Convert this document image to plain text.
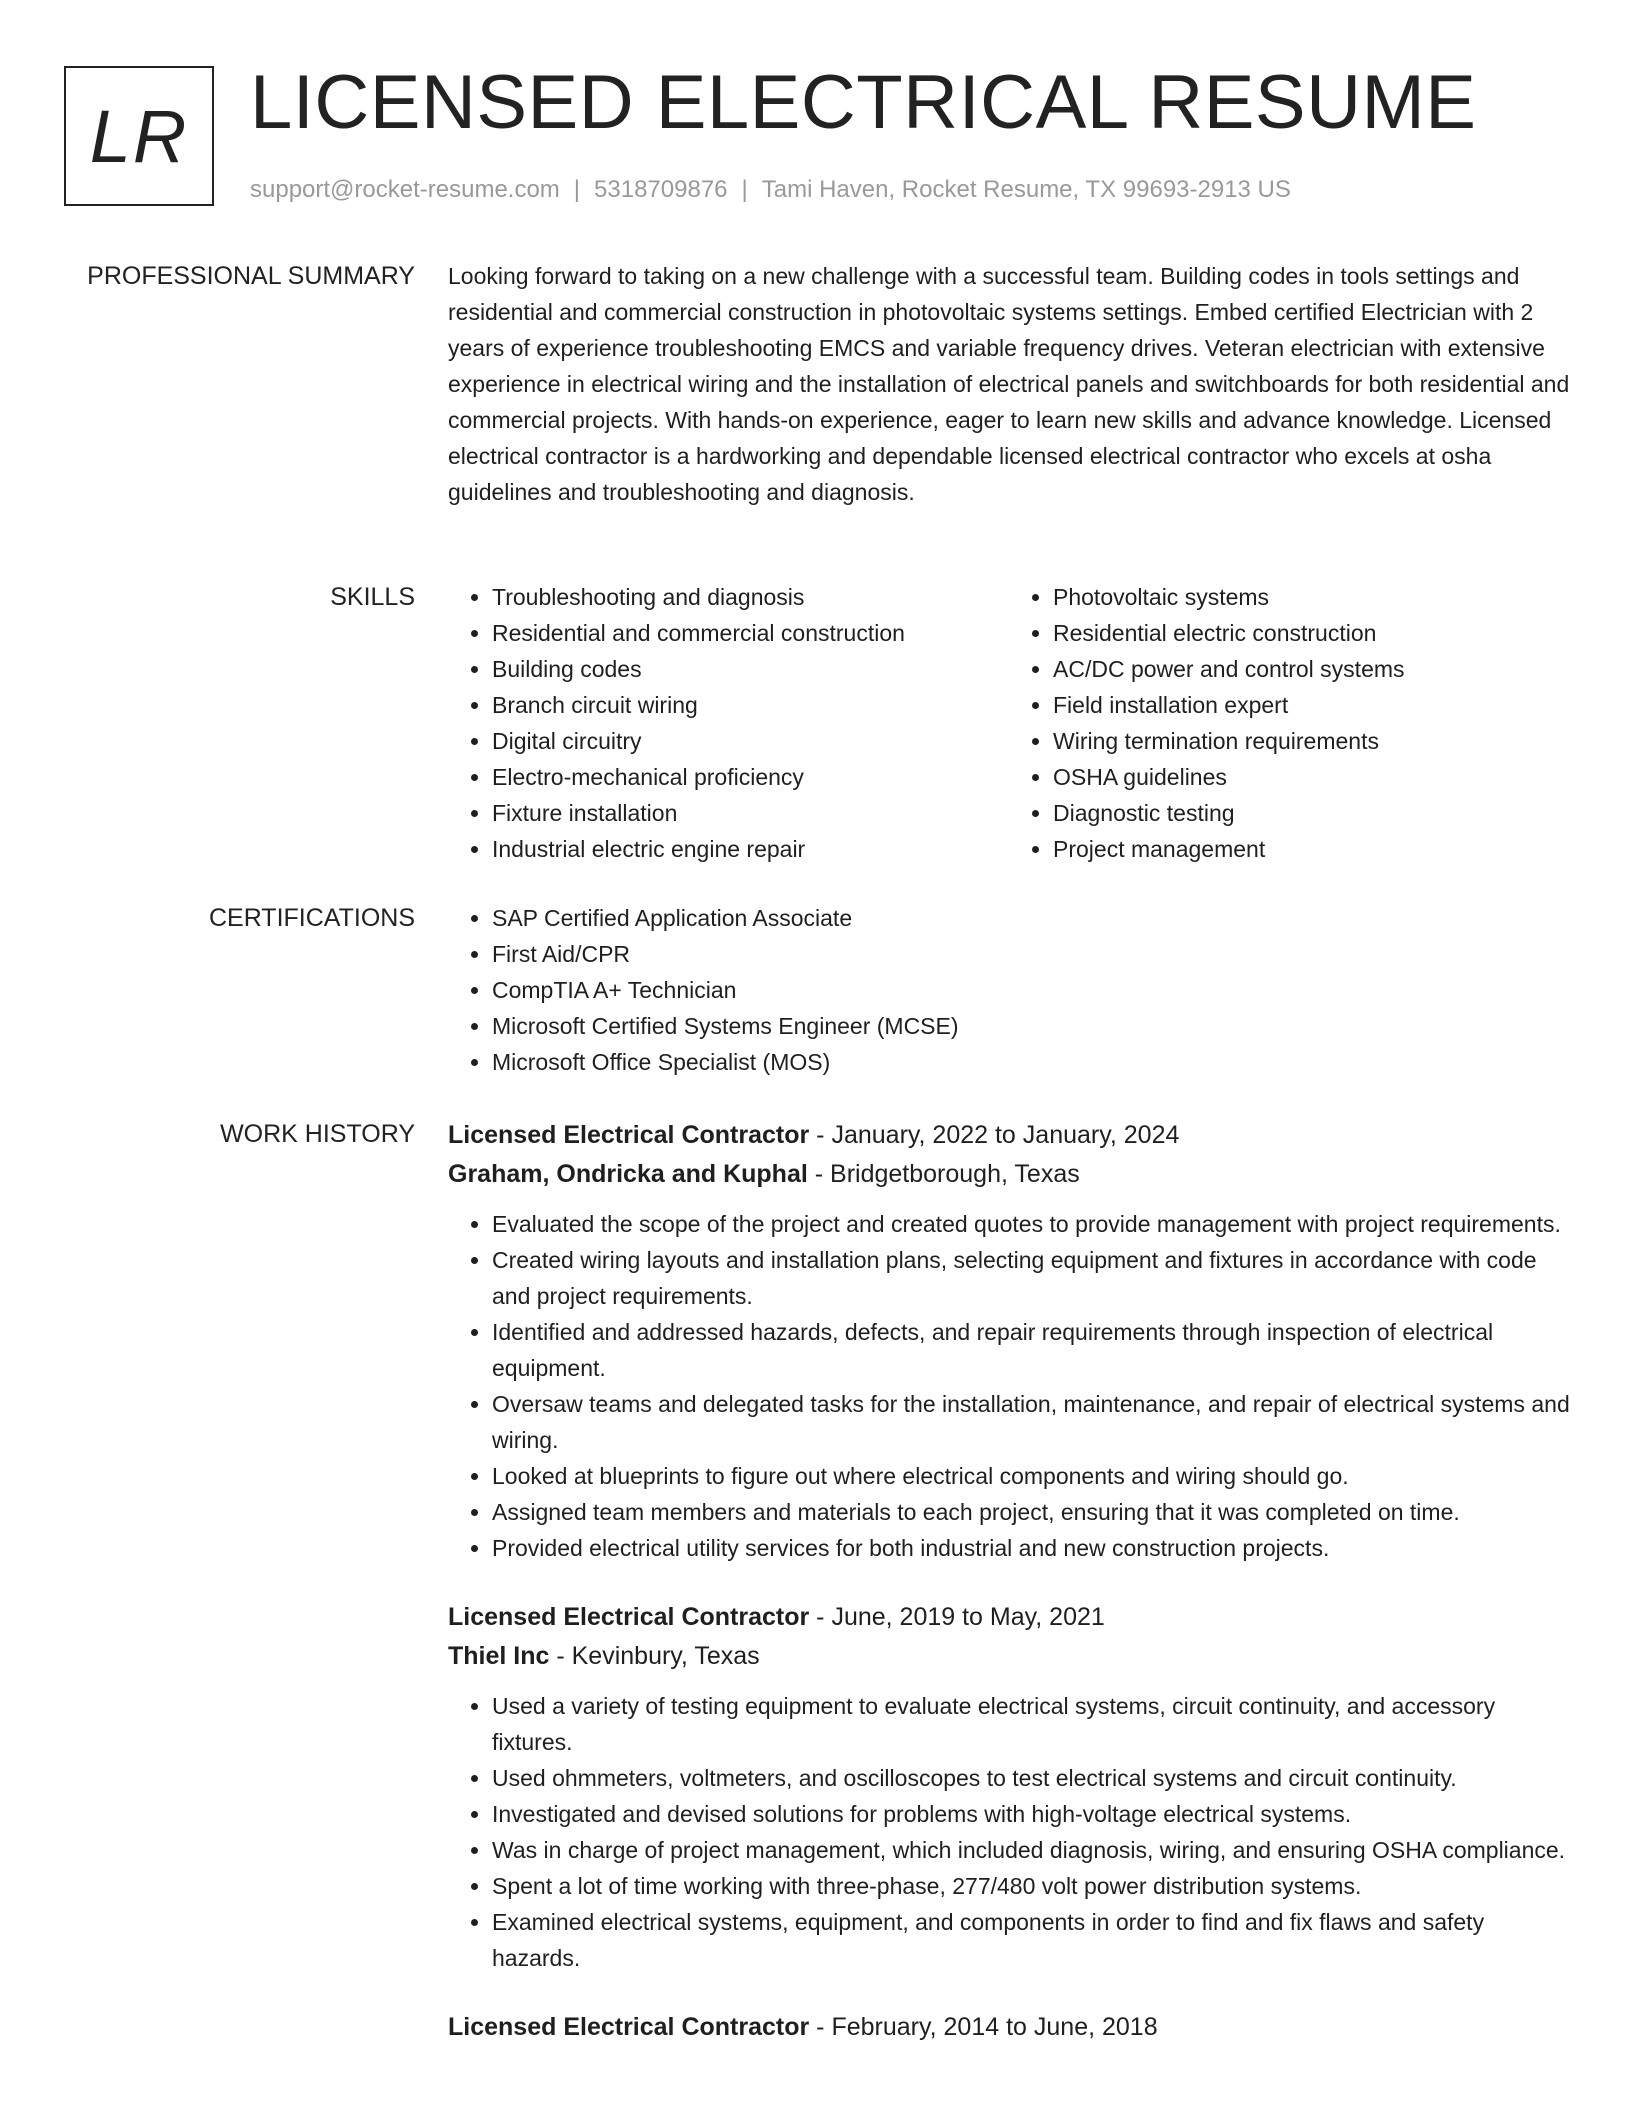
LR LICENSED ELECTRICAL RESUME
support@rocket-resume.com | 5318709876 | Tami Haven, Rocket Resume, TX 99693-2913 US
PROFESSIONAL SUMMARY Looking forward to taking on a new challenge with a successful team. Building codes in tools settings and residential and commercial construction in photovoltaic systems settings. Embed certified Electrician with 2 years of experience troubleshooting EMCS and variable frequency drives. Veteran electrician with extensive experience in electrical wiring and the installation of electrical panels and switchboards for both residential and commercial projects. With hands-on experience, eager to learn new skills and advance knowledge. Licensed electrical contractor is a hardworking and dependable licensed electrical contractor who excels at osha guidelines and troubleshooting and diagnosis.

SKILLS	• Troubleshooting and diagnosis
• Residential and commercial construction
• Building codes
• Branch circuit wiring
• Digital circuitry
• Electro-mechanical proficiency
• Fixture installation
• Industrial electric engine repair
• Photovoltaic systems
• Residential electric construction
• AC/DC power and control systems
• Field installation expert
• Wiring termination requirements
• OSHA guidelines
• Diagnostic testing
• Project management
CERTIFICATIONS	• SAP Certified Application Associate
• First Aid/CPR
• CompTIA A+ Technician
• Microsoft Certified Systems Engineer (MCSE)
• Microsoft Office Specialist (MOS)
WORK HISTORY Licensed Electrical Contractor - January, 2022 to January, 2024
Graham, Ondricka and Kuphal - Bridgetborough, Texas
• Evaluated the scope of the project and created quotes to provide management with project requirements.
• Created wiring layouts and installation plans, selecting equipment and fixtures in accordance with code and project requirements.
• Identified and addressed hazards, defects, and repair requirements through inspection of electrical equipment.
• Oversaw teams and delegated tasks for the installation, maintenance, and repair of electrical systems and wiring.
• Looked at blueprints to figure out where electrical components and wiring should go.
• Assigned team members and materials to each project, ensuring that it was completed on time.
• Provided electrical utility services for both industrial and new construction projects.
Licensed Electrical Contractor - June, 2019 to May, 2021
Thiel Inc - Kevinbury, Texas
• Used a variety of testing equipment to evaluate electrical systems, circuit continuity, and accessory fixtures.
• Used ohmmeters, voltmeters, and oscilloscopes to test electrical systems and circuit continuity.
• Investigated and devised solutions for problems with high-voltage electrical systems.
• Was in charge of project management, which included diagnosis, wiring, and ensuring OSHA compliance.
• Spent a lot of time working with three-phase, 277/480 volt power distribution systems.
• Examined electrical systems, equipment, and components in order to find and fix flaws and safety hazards.
Licensed Electrical Contractor - February, 2014 to June, 2018
